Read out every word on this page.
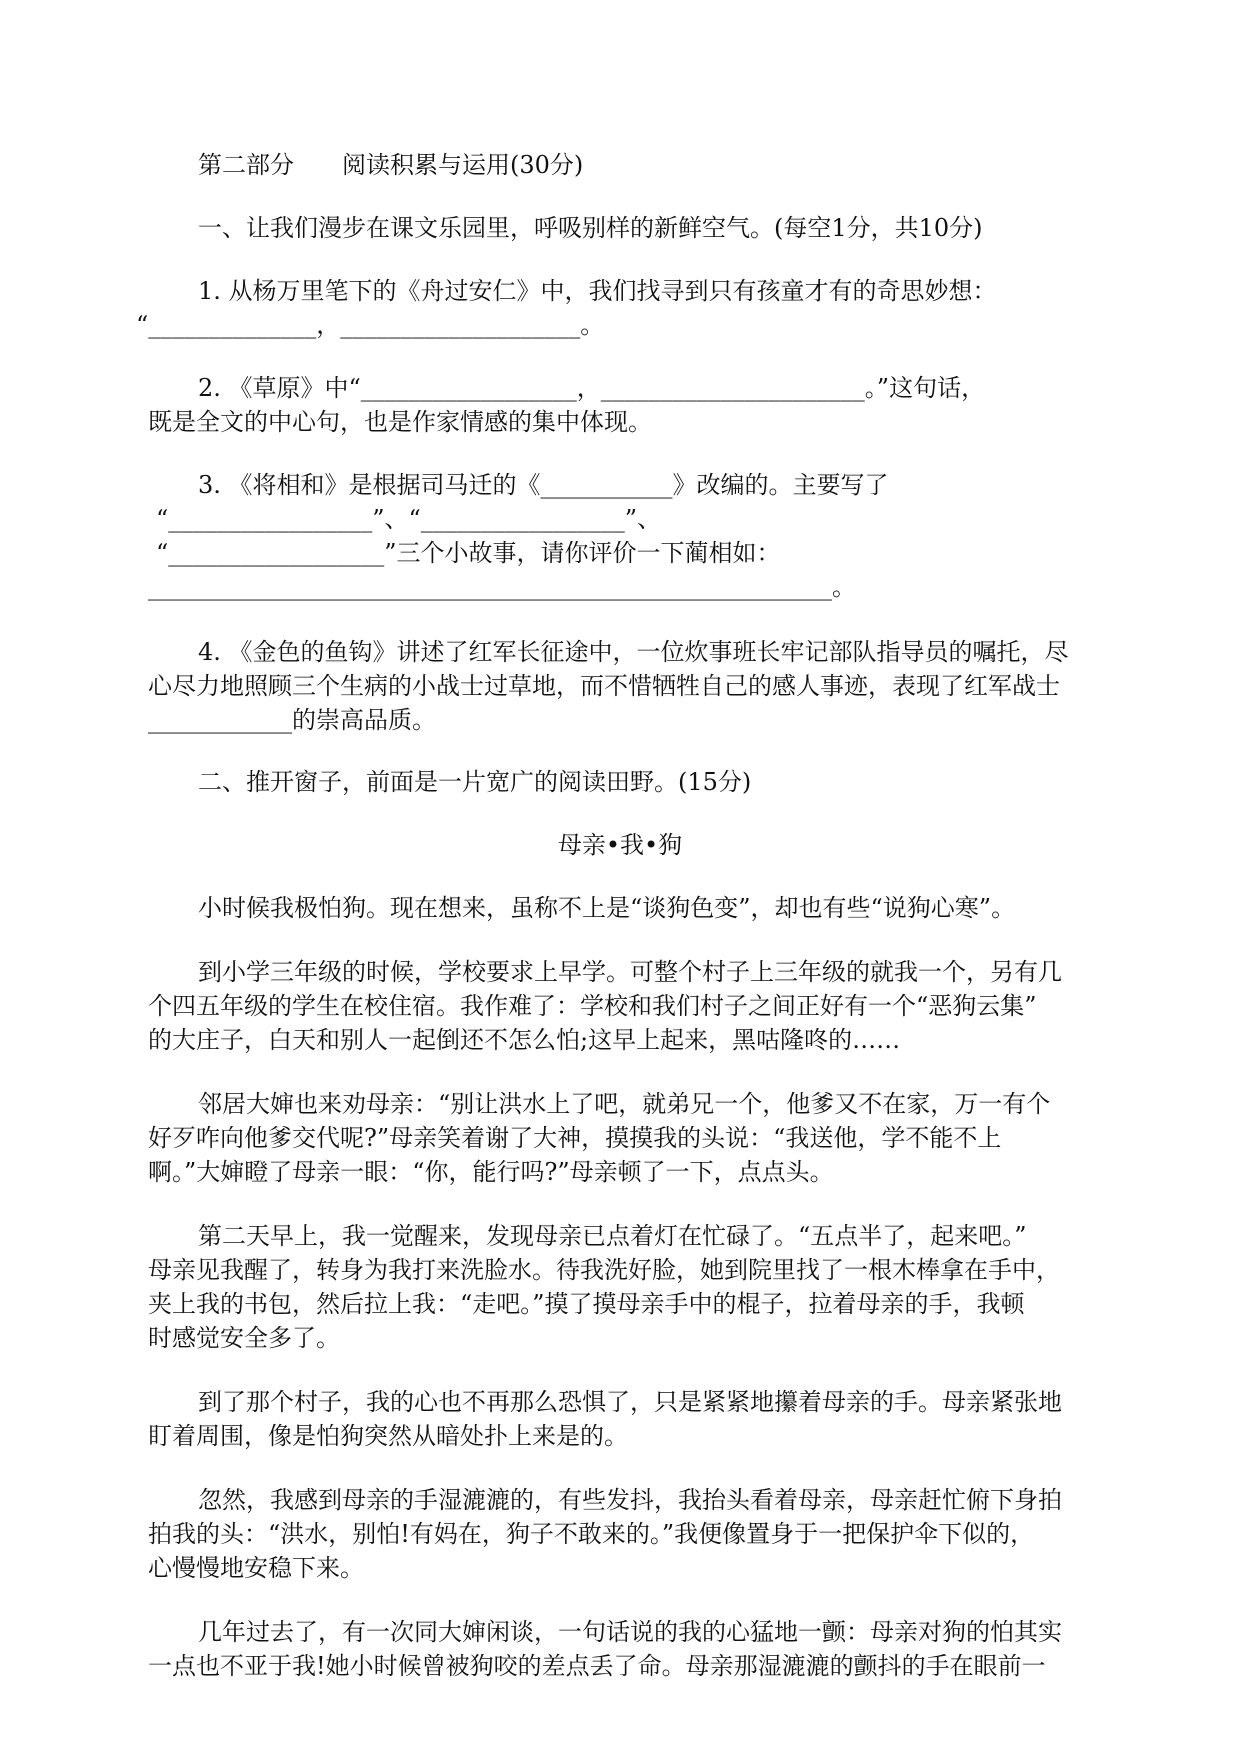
第二部分　　阅读积累与运用(30分)
一、让我们漫步在课文乐园里，呼吸别样的新鲜空气。(每空1分，共10分)
1. 从杨万里笔下的《舟过安仁》中，我们找寻到只有孩童才有的奇思妙想：
“______________，____________________。
2. 《草原》中“__________________，______________________。”这句话，
既是全文的中心句，也是作家情感的集中体现。
3. 《将相和》是根据司马迁的《___________》改编的。主要写了
“_________________”、“_________________”、
“__________________”三个小故事，请你评价一下蔺相如：
_________________________________________________________。
4. 《金色的鱼钩》讲述了红军长征途中，一位炊事班长牢记部队指导员的嘱托，尽
心尽力地照顾三个生病的小战士过草地，而不惜牺牲自己的感人事迹，表现了红军战士
____________的崇高品质。
二、推开窗子，前面是一片宽广的阅读田野。(15分)
母亲•我•狗
小时候我极怕狗。现在想来，虽称不上是“谈狗色变”，却也有些“说狗心寒”。
到小学三年级的时候，学校要求上早学。可整个村子上三年级的就我一个，另有几
个四五年级的学生在校住宿。我作难了：学校和我们村子之间正好有一个“恶狗云集”
的大庄子，白天和别人一起倒还不怎么怕;这早上起来，黑咕隆咚的……
邻居大婶也来劝母亲：“别让洪水上了吧，就弟兄一个，他爹又不在家，万一有个
好歹咋向他爹交代呢?”母亲笑着谢了大神，摸摸我的头说：“我送他，学不能不上
啊。”大婶瞪了母亲一眼：“你，能行吗?”母亲顿了一下，点点头。
第二天早上，我一觉醒来，发现母亲已点着灯在忙碌了。“五点半了，起来吧。”
母亲见我醒了，转身为我打来洗脸水。待我洗好脸，她到院里找了一根木棒拿在手中，
夹上我的书包，然后拉上我：“走吧。”摸了摸母亲手中的棍子，拉着母亲的手，我顿
时感觉安全多了。
到了那个村子，我的心也不再那么恐惧了，只是紧紧地攥着母亲的手。母亲紧张地
盯着周围，像是怕狗突然从暗处扑上来是的。
忽然，我感到母亲的手湿漉漉的，有些发抖，我抬头看着母亲，母亲赶忙俯下身拍
拍我的头：“洪水，别怕!有妈在，狗子不敢来的。”我便像置身于一把保护伞下似的，
心慢慢地安稳下来。
几年过去了，有一次同大婶闲谈，一句话说的我的心猛地一颤：母亲对狗的怕其实
一点也不亚于我!她小时候曾被狗咬的差点丢了命。母亲那湿漉漉的颤抖的手在眼前一
